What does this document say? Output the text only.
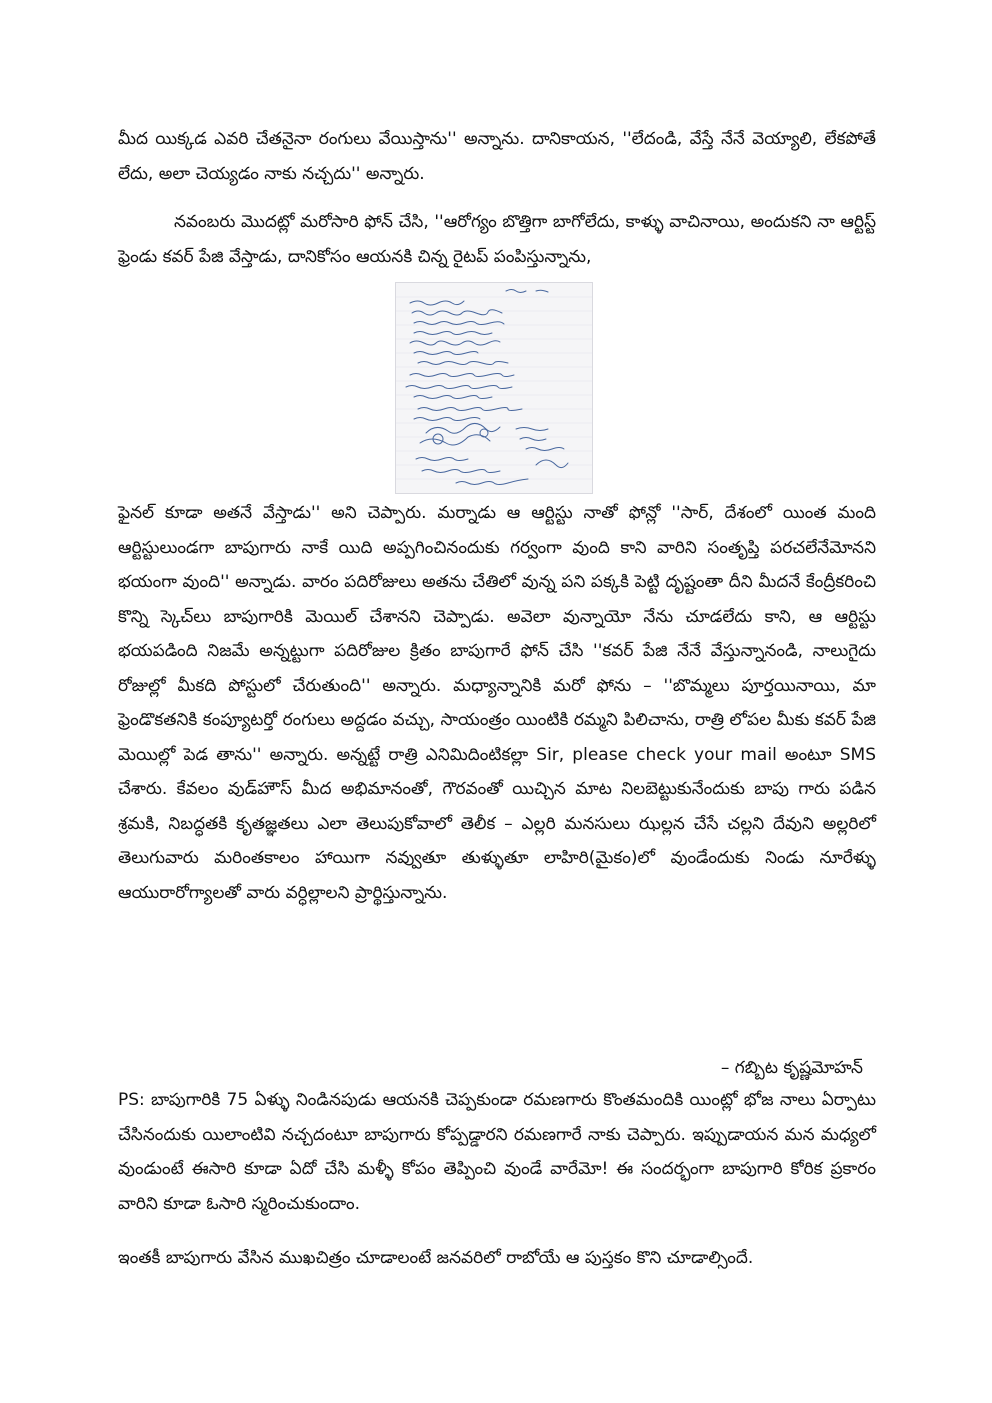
మీద యిక్కడ ఎవరి చేతనైనా రంగులు వేయిస్తాను'' అన్నాను. దానికాయన, ''లేదండి, వేస్తే నేనే వెయ్యాలి, లేకపోతే లేదు, అలా చెయ్యడం నాకు నచ్చదు'' అన్నారు.

నవంబరు మొదట్లో మరోసారి ఫోన్ చేసి, ''ఆరోగ్యం బొత్తిగా బాగోలేదు, కాళ్ళు వాచినాయి, అందుకని నా ఆర్టిస్ట్ ఫ్రెండు కవర్ పేజి వేస్తాడు, దానికోసం ఆయనకి చిన్న రైటప్ పంపిస్తున్నాను,

ఫైనల్ కూడా అతనే వేస్తాడు'' అని చెప్పారు. మర్నాడు ఆ ఆర్టిస్టు నాతో ఫోన్లో ''సార్, దేశంలో యింత మంది ఆర్టిస్టులుండగా బాపుగారు నాకే యిది అప్పగించినందుకు గర్వంగా వుంది కాని వారిని సంతృప్తి పరచలేనేమోనని భయంగా వుంది'' అన్నాడు. వారం పదిరోజులు అతను చేతిలో వున్న పని పక్కకి పెట్టి దృష్టంతా దీని మీదనే కేంద్రీకరించి కొన్ని స్కెచ్‌లు బాపుగారికి మెయిల్ చేశానని చెప్పాడు. అవెలా వున్నాయో నేను చూడలేదు కాని, ఆ ఆర్టిస్టు భయపడింది నిజమే అన్నట్టుగా పదిరోజుల క్రితం బాపుగారే ఫోన్ చేసి ''కవర్ పేజి నేనే వేస్తున్నానండి, నాలుగైదు రోజుల్లో మీకది పోస్టులో చేరుతుంది'' అన్నారు. మధ్యాన్నానికి మరో ఫోను – ''బొమ్మలు పూర్తయినాయి, మా ఫ్రెండొకతనికి కంప్యూటర్తో రంగులు అద్దడం వచ్చు, సాయంత్రం యింటికి రమ్మని పిలిచాను, రాత్రి లోపల మీకు కవర్ పేజి మెయిల్లో పెడ తాను'' అన్నారు. అన్నట్టే రాత్రి ఎనిమిదింటికల్లా Sir, please check your mail అంటూ SMS చేశారు. కేవలం వుడ్‌హౌస్ మీద అభిమానంతో, గౌరవంతో యిచ్చిన మాట నిలబెట్టుకునేందుకు బాపు గారు పడిన శ్రమకి, నిబద్ధతకి కృతజ్ఞతలు ఎలా తెలుపుకోవాలో తెలీక – ఎల్లరి మనసులు ఝల్లన చేసే చల్లని దేవుని అల్లరిలో తెలుగువారు మరింతకాలం హాయిగా నవ్వుతూ తుళ్ళుతూ లాహిరి(మైకం)లో వుండేందుకు నిండు నూరేళ్ళు ఆయురారోగ్యాలతో వారు వర్ధిల్లాలని ప్రార్థిస్తున్నాను.

– గబ్బిట కృష్ణమోహన్

PS: బాపుగారికి 75 ఏళ్ళు నిండినపుడు ఆయనకి చెప్పకుండా రమణగారు కొంతమందికి యింట్లో భోజ నాలు ఏర్పాటు చేసినందుకు యిలాంటివి నచ్చదంటూ బాపుగారు కోప్పడ్డారని రమణగారే నాకు చెప్పారు. ఇప్పుడాయన మన మధ్యలో వుండుంటే ఈసారి కూడా ఏదో చేసి మళ్ళీ కోపం తెప్పించి వుండే వారేమో! ఈ సందర్భంగా బాపుగారి కోరిక ప్రకారం వారిని కూడా ఓసారి స్మరించుకుందాం.

ఇంతకీ బాపుగారు వేసిన ముఖచిత్రం చూడాలంటే జనవరిలో రాబోయే ఆ పుస్తకం కొని చూడాల్సిందే.
